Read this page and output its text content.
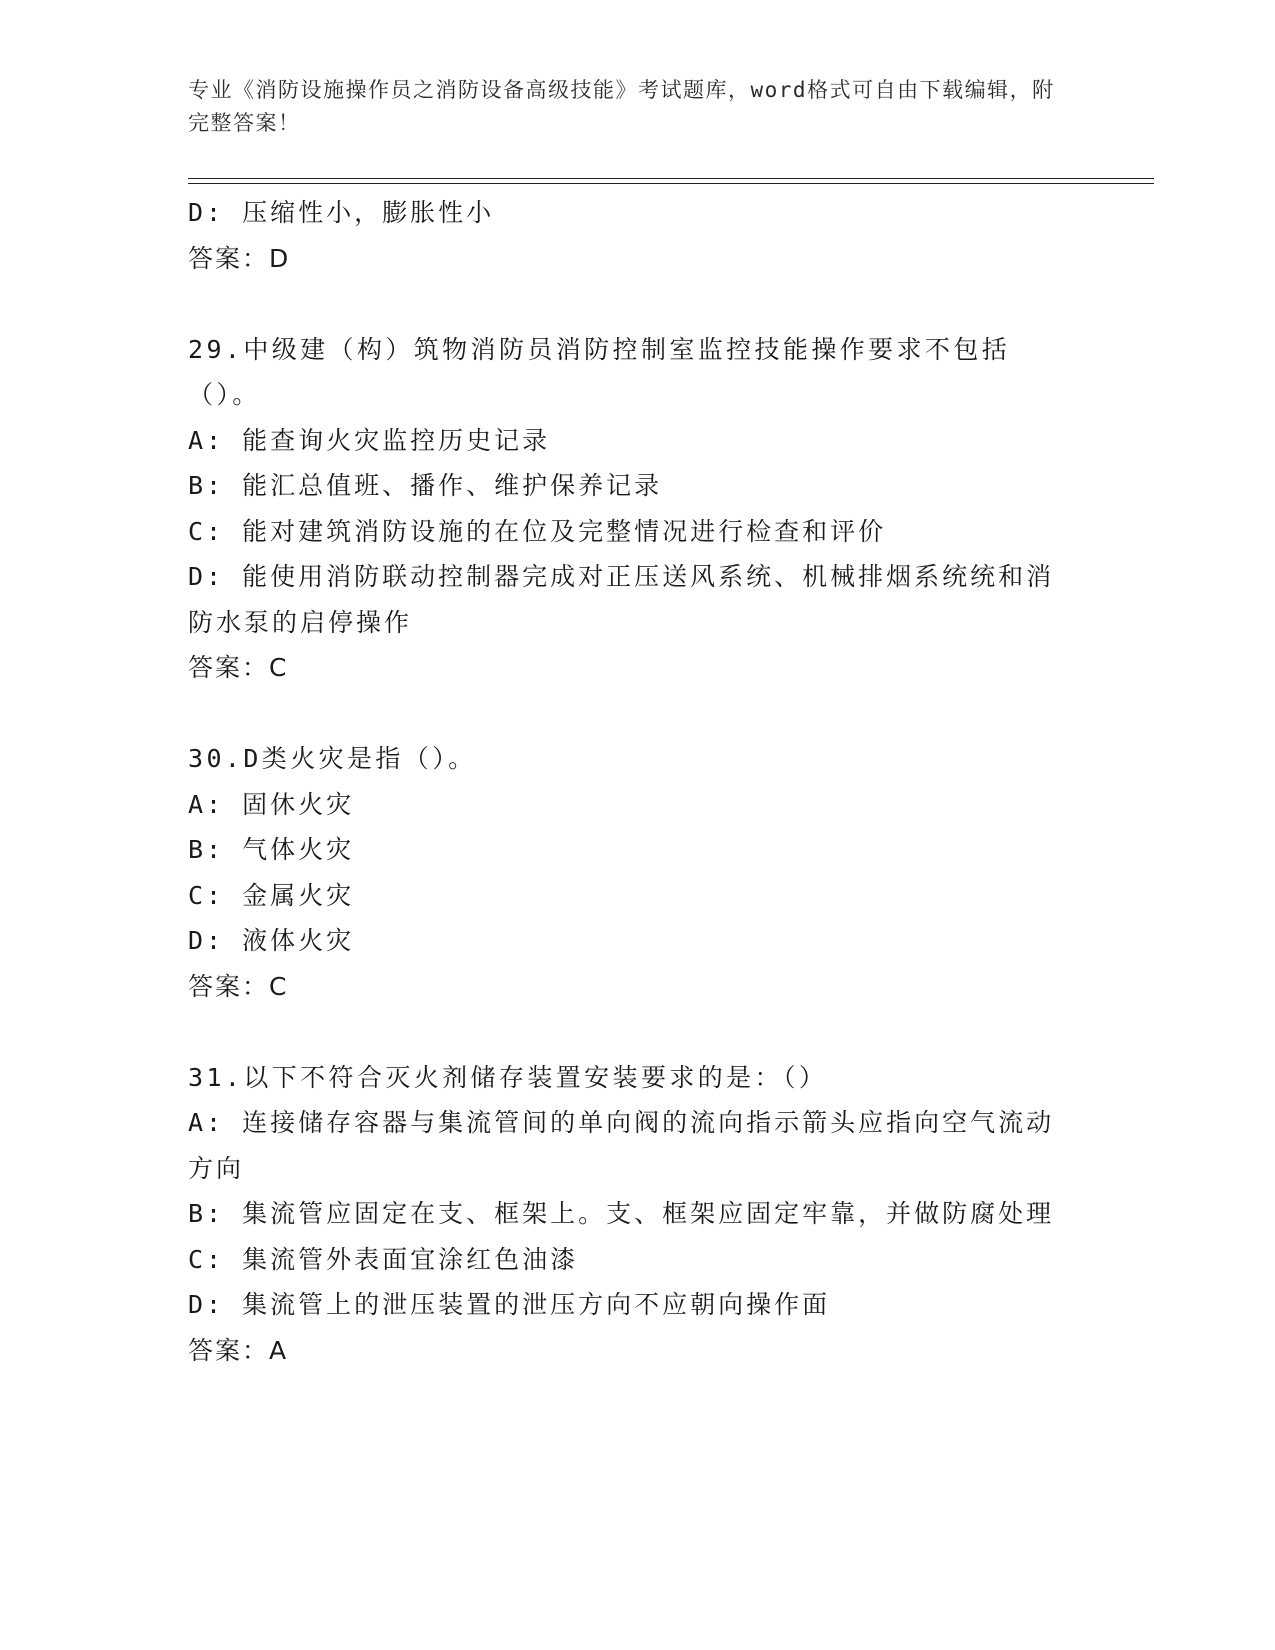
专业《消防设施操作员之消防设备高级技能》考试题库，word格式可自由下载编辑，附完整答案！
D: 压缩性小，膨胀性小
答案：D
29.中级建（构）筑物消防员消防控制室监控技能操作要求不包括（）。
A: 能查询火灾监控历史记录
B: 能汇总值班、播作、维护保养记录
C: 能对建筑消防设施的在位及完整情况进行检查和评价
D: 能使用消防联动控制器完成对正压送风系统、机械排烟系统统和消防水泵的启停操作
答案：C
30.D类火灾是指（）。
A: 固休火灾
B: 气体火灾
C: 金属火灾
D: 液体火灾
答案：C
31.以下不符合灭火剂储存装置安装要求的是：（）
A: 连接储存容器与集流管间的单向阀的流向指示箭头应指向空气流动方向
B: 集流管应固定在支、框架上。支、框架应固定牢靠，并做防腐处理
C: 集流管外表面宜涂红色油漆
D: 集流管上的泄压装置的泄压方向不应朝向操作面
答案：A
